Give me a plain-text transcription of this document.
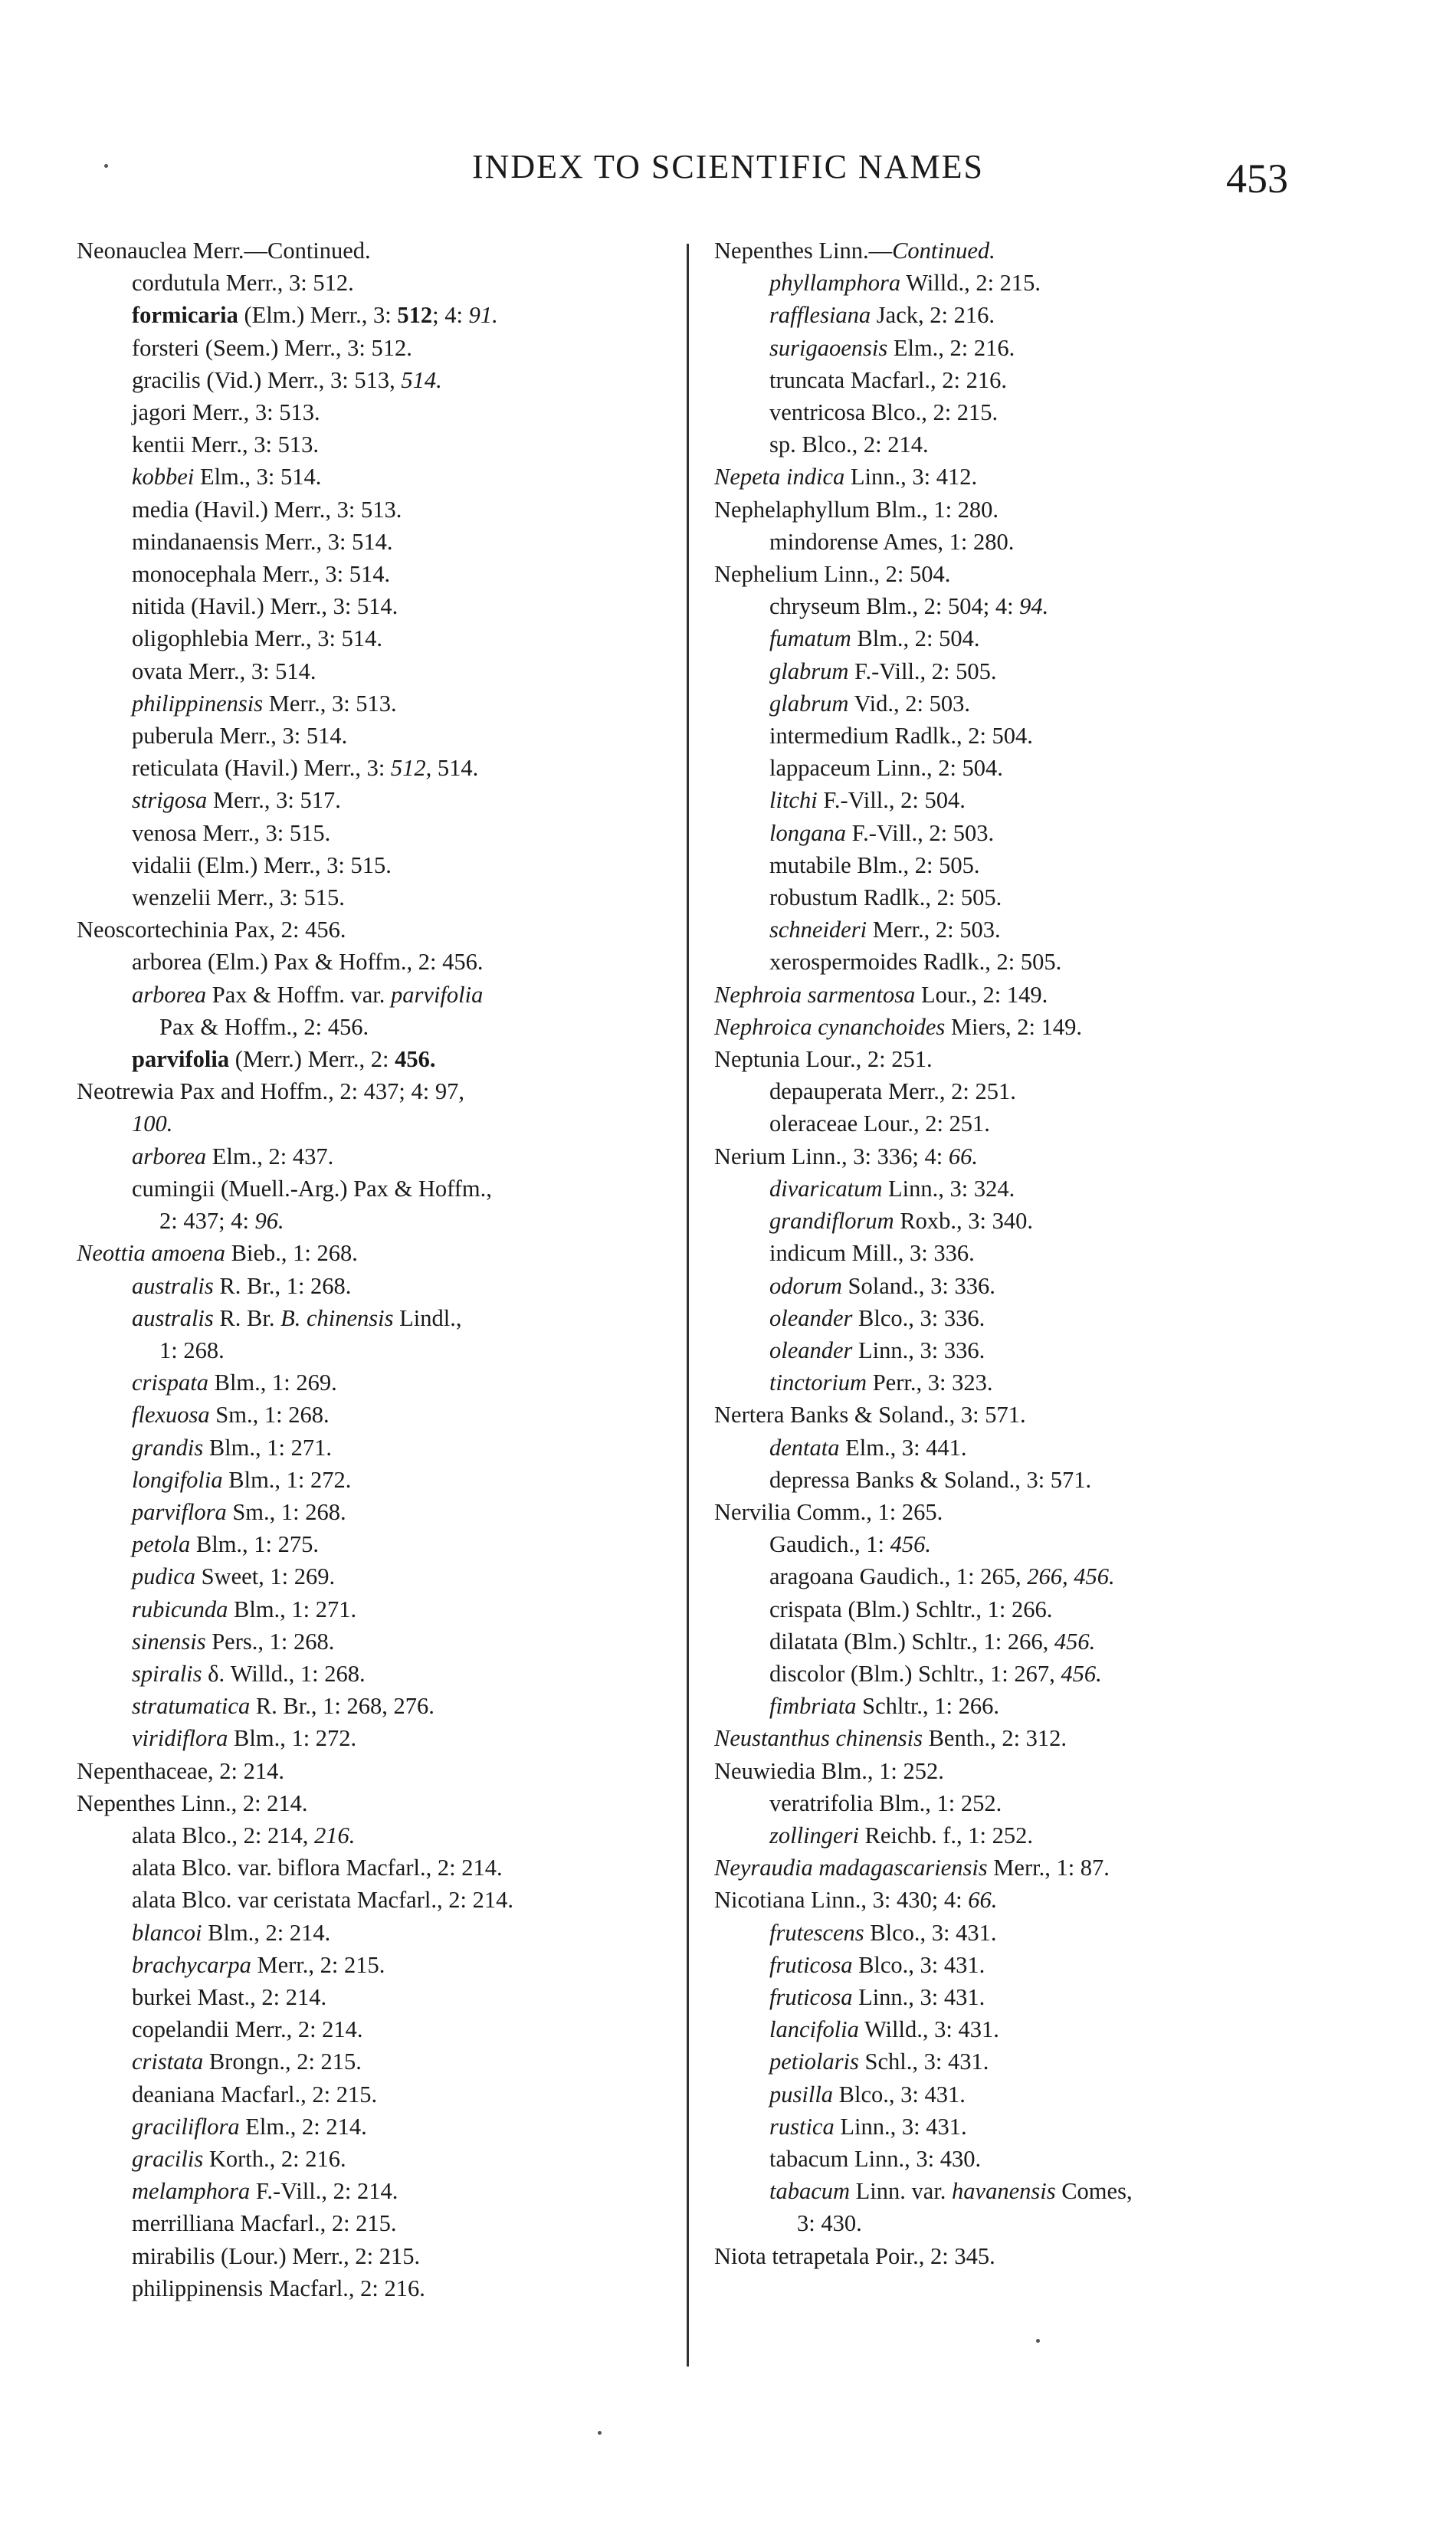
INDEX TO SCIENTIFIC NAMES	453
Neonauclea Merr.—Continued.
cordutula Merr., 3: 512.
formicaria (Elm.) Merr., 3: 512; 4: 91.
forsteri (Seem.) Merr., 3: 512.
gracilis (Vid.) Merr., 3: 513, 514.
jagori Merr., 3: 513.
kentii Merr., 3: 513.
kobbei Elm., 3: 514.
media (Havil.) Merr., 3: 513.
mindanaensis Merr., 3: 514.
monocephala Merr., 3: 514.
nitida (Havil.) Merr., 3: 514.
oligophlebia Merr., 3: 514.
ovata Merr., 3: 514.
philippinensis Merr., 3: 513.
puberula Merr., 3: 514.
reticulata (Havil.) Merr., 3: 512, 514.
strigosa Merr., 3: 517.
venosa Merr., 3: 515.
vidalii (Elm.) Merr., 3: 515.
wenzelii Merr., 3: 515.
Neoscortechinia Pax, 2: 456.
arborea (Elm.) Pax & Hoffm., 2: 456.
arborea Pax & Hoffm. var. parvifolia
Pax & Hoffm., 2: 456.
parvifolia (Merr.) Merr., 2: 456.
Neotrewia Pax and Hoffm., 2: 437; 4: 97,
100.
arborea Elm., 2: 437.
cumingii (Muell.-Arg.) Pax & Hoffm.,
2: 437; 4: 96.
Neottia amoena Bieb., 1: 268.
australis R. Br., 1: 268.
australis R. Br. B. chinensis Lindl.,
1: 268.
crispata Blm., 1: 269.
flexuosa Sm., 1: 268.
grandis Blm., 1: 271.
longifolia Blm., 1: 272.
parviflora Sm., 1: 268.
petola Blm., 1: 275.
pudica Sweet, 1: 269.
rubicunda Blm., 1: 271.
sinensis Pers., 1: 268.
spiralis δ. Willd., 1: 268.
stratumatica R. Br., 1: 268, 276.
viridiflora Blm., 1: 272.
Nepenthaceae, 2: 214.
Nepenthes Linn., 2: 214.
alata Blco., 2: 214, 216.
alata Blco. var. biflora Macfarl., 2: 214.
alata Blco. var ceristata Macfarl., 2: 214.
blancoi Blm., 2: 214.
brachycarpa Merr., 2: 215.
burkei Mast., 2: 214.
copelandii Merr., 2: 214.
cristata Brongn., 2: 215.
deaniana Macfarl., 2: 215.
graciliflora Elm., 2: 214.
gracilis Korth., 2: 216.
melamphora F.-Vill., 2: 214.
merrilliana Macfarl., 2: 215.
mirabilis (Lour.) Merr., 2: 215.
philippinensis Macfarl., 2: 216.
Nepenthes Linn.—Continued.
phyllamphora Willd., 2: 215.
rafflesiana Jack, 2: 216.
surigaoensis Elm., 2: 216.
truncata Macfarl., 2: 216.
ventricosa Blco., 2: 215.
sp. Blco., 2: 214.
Nepeta indica Linn., 3: 412.
Nephelaphyllum Blm., 1: 280.
mindorense Ames, 1: 280.
Nephelium Linn., 2: 504.
chryseum Blm., 2: 504; 4: 94.
fumatum Blm., 2: 504.
glabrum F.-Vill., 2: 505.
glabrum Vid., 2: 503.
intermedium Radlk., 2: 504.
lappaceum Linn., 2: 504.
litchi F.-Vill., 2: 504.
longana F.-Vill., 2: 503.
mutabile Blm., 2: 505.
robustum Radlk., 2: 505.
schneideri Merr., 2: 503.
xerospermoides Radlk., 2: 505.
Nephroia sarmentosa Lour., 2: 149.
Nephroica cynanchoides Miers, 2: 149.
Neptunia Lour., 2: 251.
depauperata Merr., 2: 251.
oleraceae Lour., 2: 251.
Nerium Linn., 3: 336; 4: 66.
divaricatum Linn., 3: 324.
grandiflorum Roxb., 3: 340.
indicum Mill., 3: 336.
odorum Soland., 3: 336.
oleander Blco., 3: 336.
oleander Linn., 3: 336.
tinctorium Perr., 3: 323.
Nertera Banks & Soland., 3: 571.
dentata Elm., 3: 441.
depressa Banks & Soland., 3: 571.
Nervilia Comm., 1: 265.
Gaudich., 1: 456.
aragoana Gaudich., 1: 265, 266, 456.
crispata (Blm.) Schltr., 1: 266.
dilatata (Blm.) Schltr., 1: 266, 456.
discolor (Blm.) Schltr., 1: 267, 456.
fimbriata Schltr., 1: 266.
Neustanthus chinensis Benth., 2: 312.
Neuwiedia Blm., 1: 252.
veratrifolia Blm., 1: 252.
zollingeri Reichb. f., 1: 252.
Neyraudia madagascariensis Merr., 1: 87.
Nicotiana Linn., 3: 430; 4: 66.
frutescens Blco., 3: 431.
fruticosa Blco., 3: 431.
fruticosa Linn., 3: 431.
lancifolia Willd., 3: 431.
petiolaris Schl., 3: 431.
pusilla Blco., 3: 431.
rustica Linn., 3: 431.
tabacum Linn., 3: 430.
tabacum Linn. var. havanensis Comes,
3: 430.
Niota tetrapetala Poir., 2: 345.
